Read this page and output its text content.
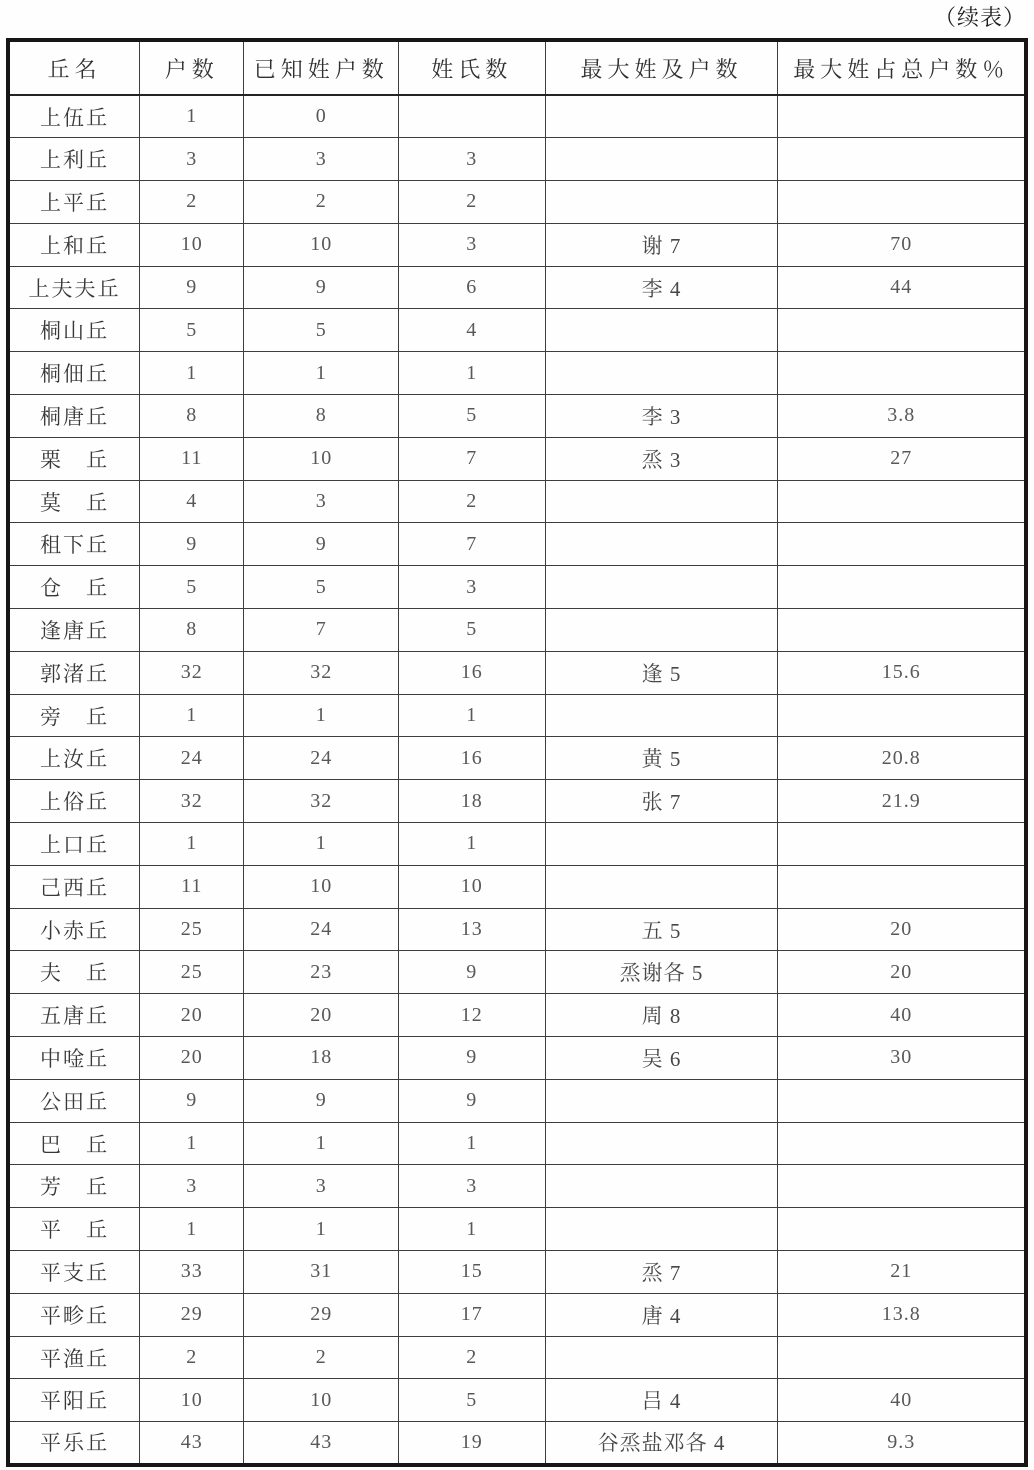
（续表）
丘名	户数	已知姓户数	姓氏数	最大姓及户数	最大姓占总户数％
上伍丘	1	0			
上利丘	3	3	3		
上平丘	2	2	2		
上和丘	10	10	3	谢 7	70
上夫夫丘	9	9	6	李 4	44
桐山丘	5	5	4		
桐佃丘	1	1	1		
桐唐丘	8	8	5	李 3	3.8
栗　丘	11	10	7	烝 3	27
莫　丘	4	3	2		
租下丘	9	9	7		
仓　丘	5	5	3		
逢唐丘	8	7	5		
郭渚丘	32	32	16	逢 5	15.6
旁　丘	1	1	1		
上汝丘	24	24	16	黄 5	20.8
上俗丘	32	32	18	张 7	21.9
上口丘	1	1	1		
己西丘	11	10	10		
小赤丘	25	24	13	五 5	20
夫　丘	25	23	9	烝谢各 5	20
五唐丘	20	20	12	周 8	40
中唫丘	20	18	9	吴 6	30
公田丘	9	9	9		
巴　丘	1	1	1		
芳　丘	3	3	3		
平　丘	1	1	1		
平支丘	33	31	15	烝 7	21
平畛丘	29	29	17	唐 4	13.8
平渔丘	2	2	2		
平阳丘	10	10	5	吕 4	40
平乐丘	43	43	19	谷烝盐邓各 4	9.3
